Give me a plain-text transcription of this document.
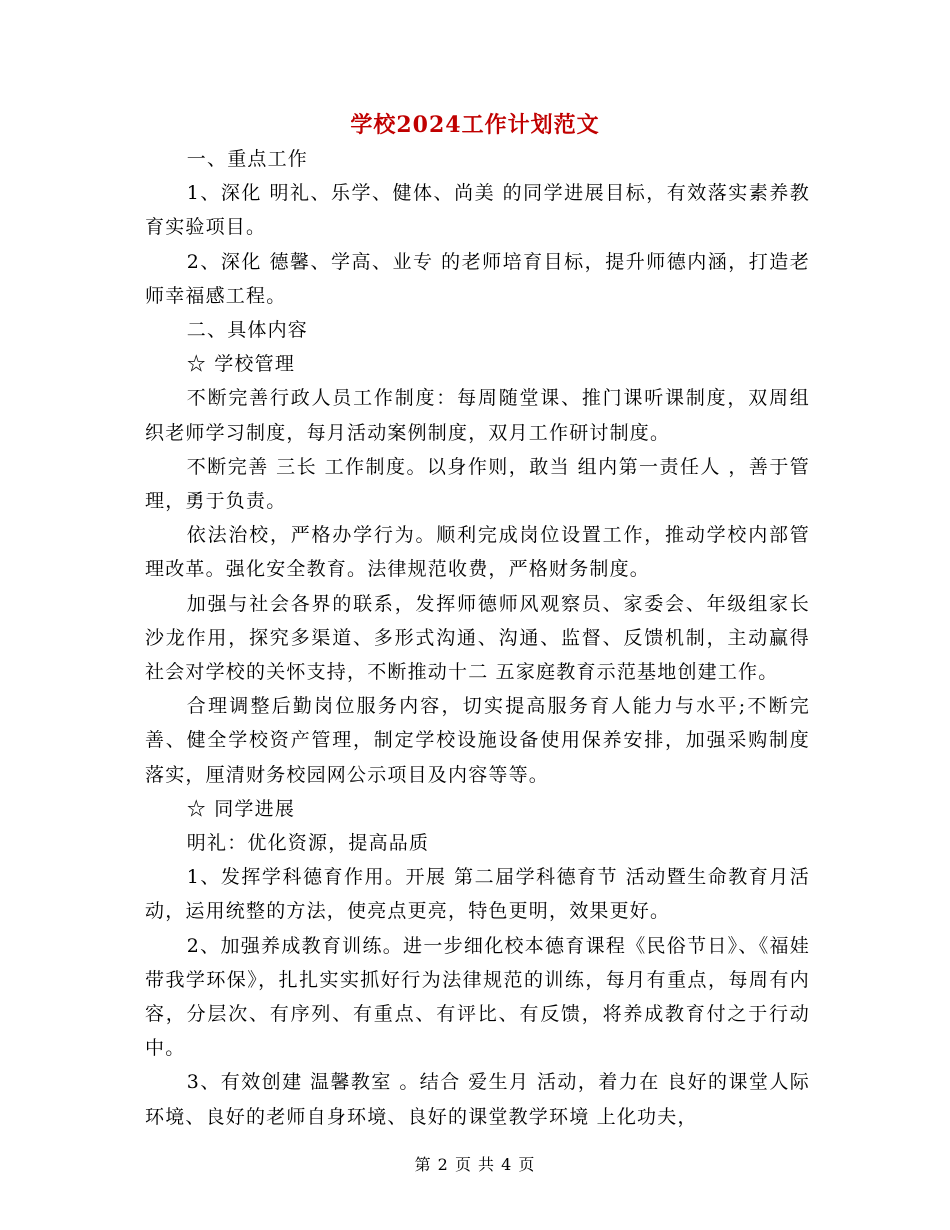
学校2024工作计划范文

一、重点工作

1、深化 明礼、乐学、健体、尚美 的同学进展目标，有效落实素养教育实验项目。

2、深化 德馨、学高、业专 的老师培育目标，提升师德内涵，打造老师幸福感工程。

二、具体内容

☆ 学校管理

不断完善行政人员工作制度：每周随堂课、推门课听课制度，双周组织老师学习制度，每月活动案例制度，双月工作研讨制度。

不断完善 三长 工作制度。以身作则，敢当 组内第一责任人 ，善于管理，勇于负责。

依法治校，严格办学行为。顺利完成岗位设置工作，推动学校内部管理改革。强化安全教育。法律规范收费，严格财务制度。

加强与社会各界的联系，发挥师德师风观察员、家委会、年级组家长沙龙作用，探究多渠道、多形式沟通、沟通、监督、反馈机制，主动赢得社会对学校的关怀支持，不断推动十二 五家庭教育示范基地创建工作。

合理调整后勤岗位服务内容，切实提高服务育人能力与水平;不断完善、健全学校资产管理，制定学校设施设备使用保养安排，加强采购制度落实，厘清财务校园网公示项目及内容等等。

☆ 同学进展

明礼：优化资源，提高品质

1、发挥学科德育作用。开展 第二届学科德育节 活动暨生命教育月活动，运用统整的方法，使亮点更亮，特色更明，效果更好。

2、加强养成教育训练。进一步细化校本德育课程《民俗节日》、《福娃带我学环保》，扎扎实实抓好行为法律规范的训练，每月有重点，每周有内容，分层次、有序列、有重点、有评比、有反馈，将养成教育付之于行动中。

3、有效创建 温馨教室 。结合 爱生月 活动，着力在 良好的课堂人际环境、良好的老师自身环境、良好的课堂教学环境 上化功夫，

第 2 页 共 4 页
